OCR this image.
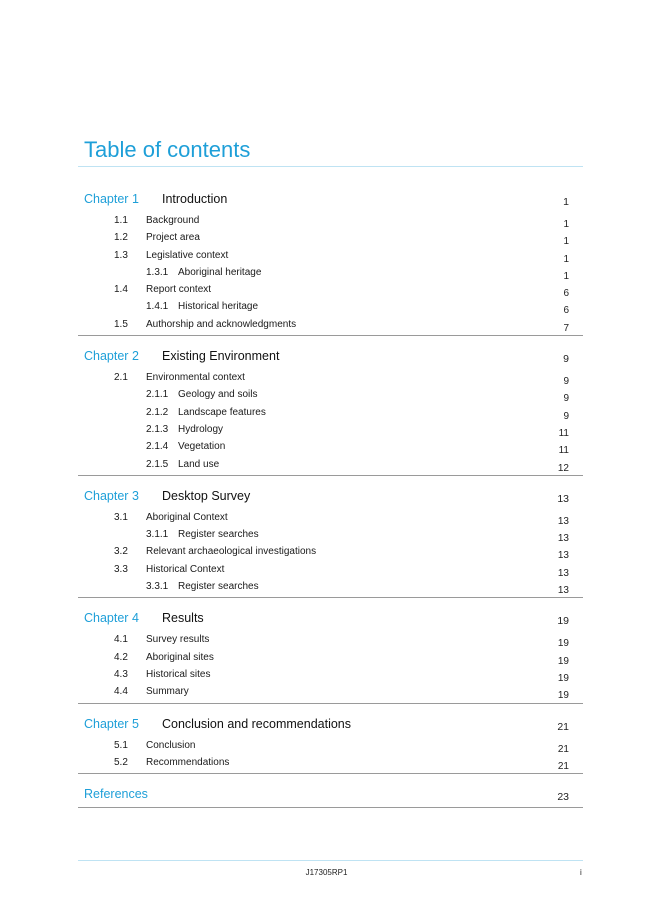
Table of contents
Chapter 1 Introduction	1
1.1 Background	1
1.2 Project area	1
1.3 Legislative context	1
1.3.1 Aboriginal heritage	1
1.4 Report context	6
1.4.1 Historical heritage	6
1.5 Authorship and acknowledgments	7
Chapter 2 Existing Environment	9
2.1 Environmental context	9
2.1.1 Geology and soils	9
2.1.2 Landscape features	9
2.1.3 Hydrology	11
2.1.4 Vegetation	11
2.1.5 Land use	12
Chapter 3 Desktop Survey	13
3.1 Aboriginal Context	13
3.1.1 Register searches	13
3.2 Relevant archaeological investigations	13
3.3 Historical Context	13
3.3.1 Register searches	13
Chapter 4 Results	19
4.1 Survey results	19
4.2 Aboriginal sites	19
4.3 Historical sites	19
4.4 Summary	19
Chapter 5 Conclusion and recommendations	21
5.1 Conclusion	21
5.2 Recommendations	21
References	23
J17305RP1	i
